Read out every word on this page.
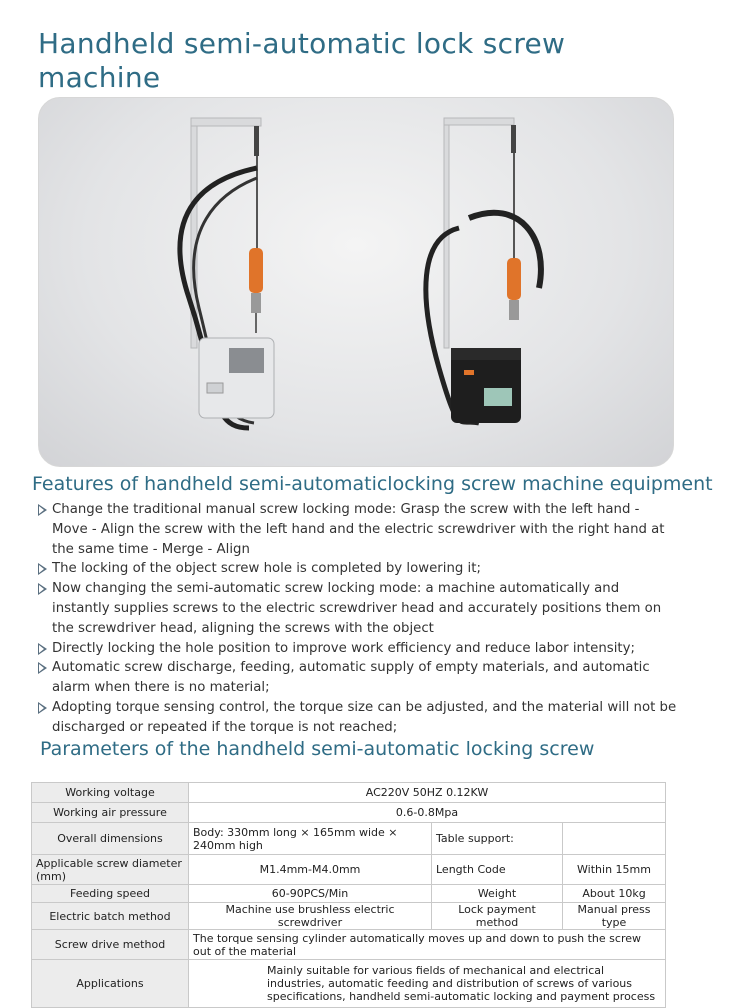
Handheld semi-automatic lock screw machine
Features of handheld semi-automaticlocking screw machine equipment
Change the traditional manual screw locking mode: Grasp the screw with the left hand - Move - Align the screw with the left hand and the electric screwdriver with the right hand at the same time - Merge - Align
The locking of the object screw hole is completed by lowering it;
Now changing the semi-automatic screw locking mode: a machine automatically and instantly supplies screws to the electric screwdriver head and accurately positions them on the screwdriver head, aligning the screws with the object
Directly locking the hole position to improve work efficiency and reduce labor intensity;
Automatic screw discharge, feeding, automatic supply of empty materials, and automatic alarm when there is no material;
Adopting torque sensing control, the torque size can be adjusted, and the material will not be discharged or repeated if the torque is not reached;
Parameters of the handheld semi-automatic locking screw
Working voltage	AC220V 50HZ 0.12KW		
Working air pressure	0.6-0.8Mpa		
Overall dimensions	Body: 330mm long × 165mm wide × 240mm high	Table support:	
Applicable screw diameter (mm)	M1.4mm-M4.0mm	Length Code	Within 15mm
Feeding speed	60-90PCS/Min	Weight	About 10kg
Electric batch method	Machine use brushless electric screwdriver	Lock payment method	Manual press type
Screw drive method	The torque sensing cylinder automatically moves up and down to push the screw out of the material		
Applications	Mainly suitable for various fields of mechanical and electrical industries, automatic feeding and distribution of screws of various specifications, handheld semi-automatic locking and payment process		
